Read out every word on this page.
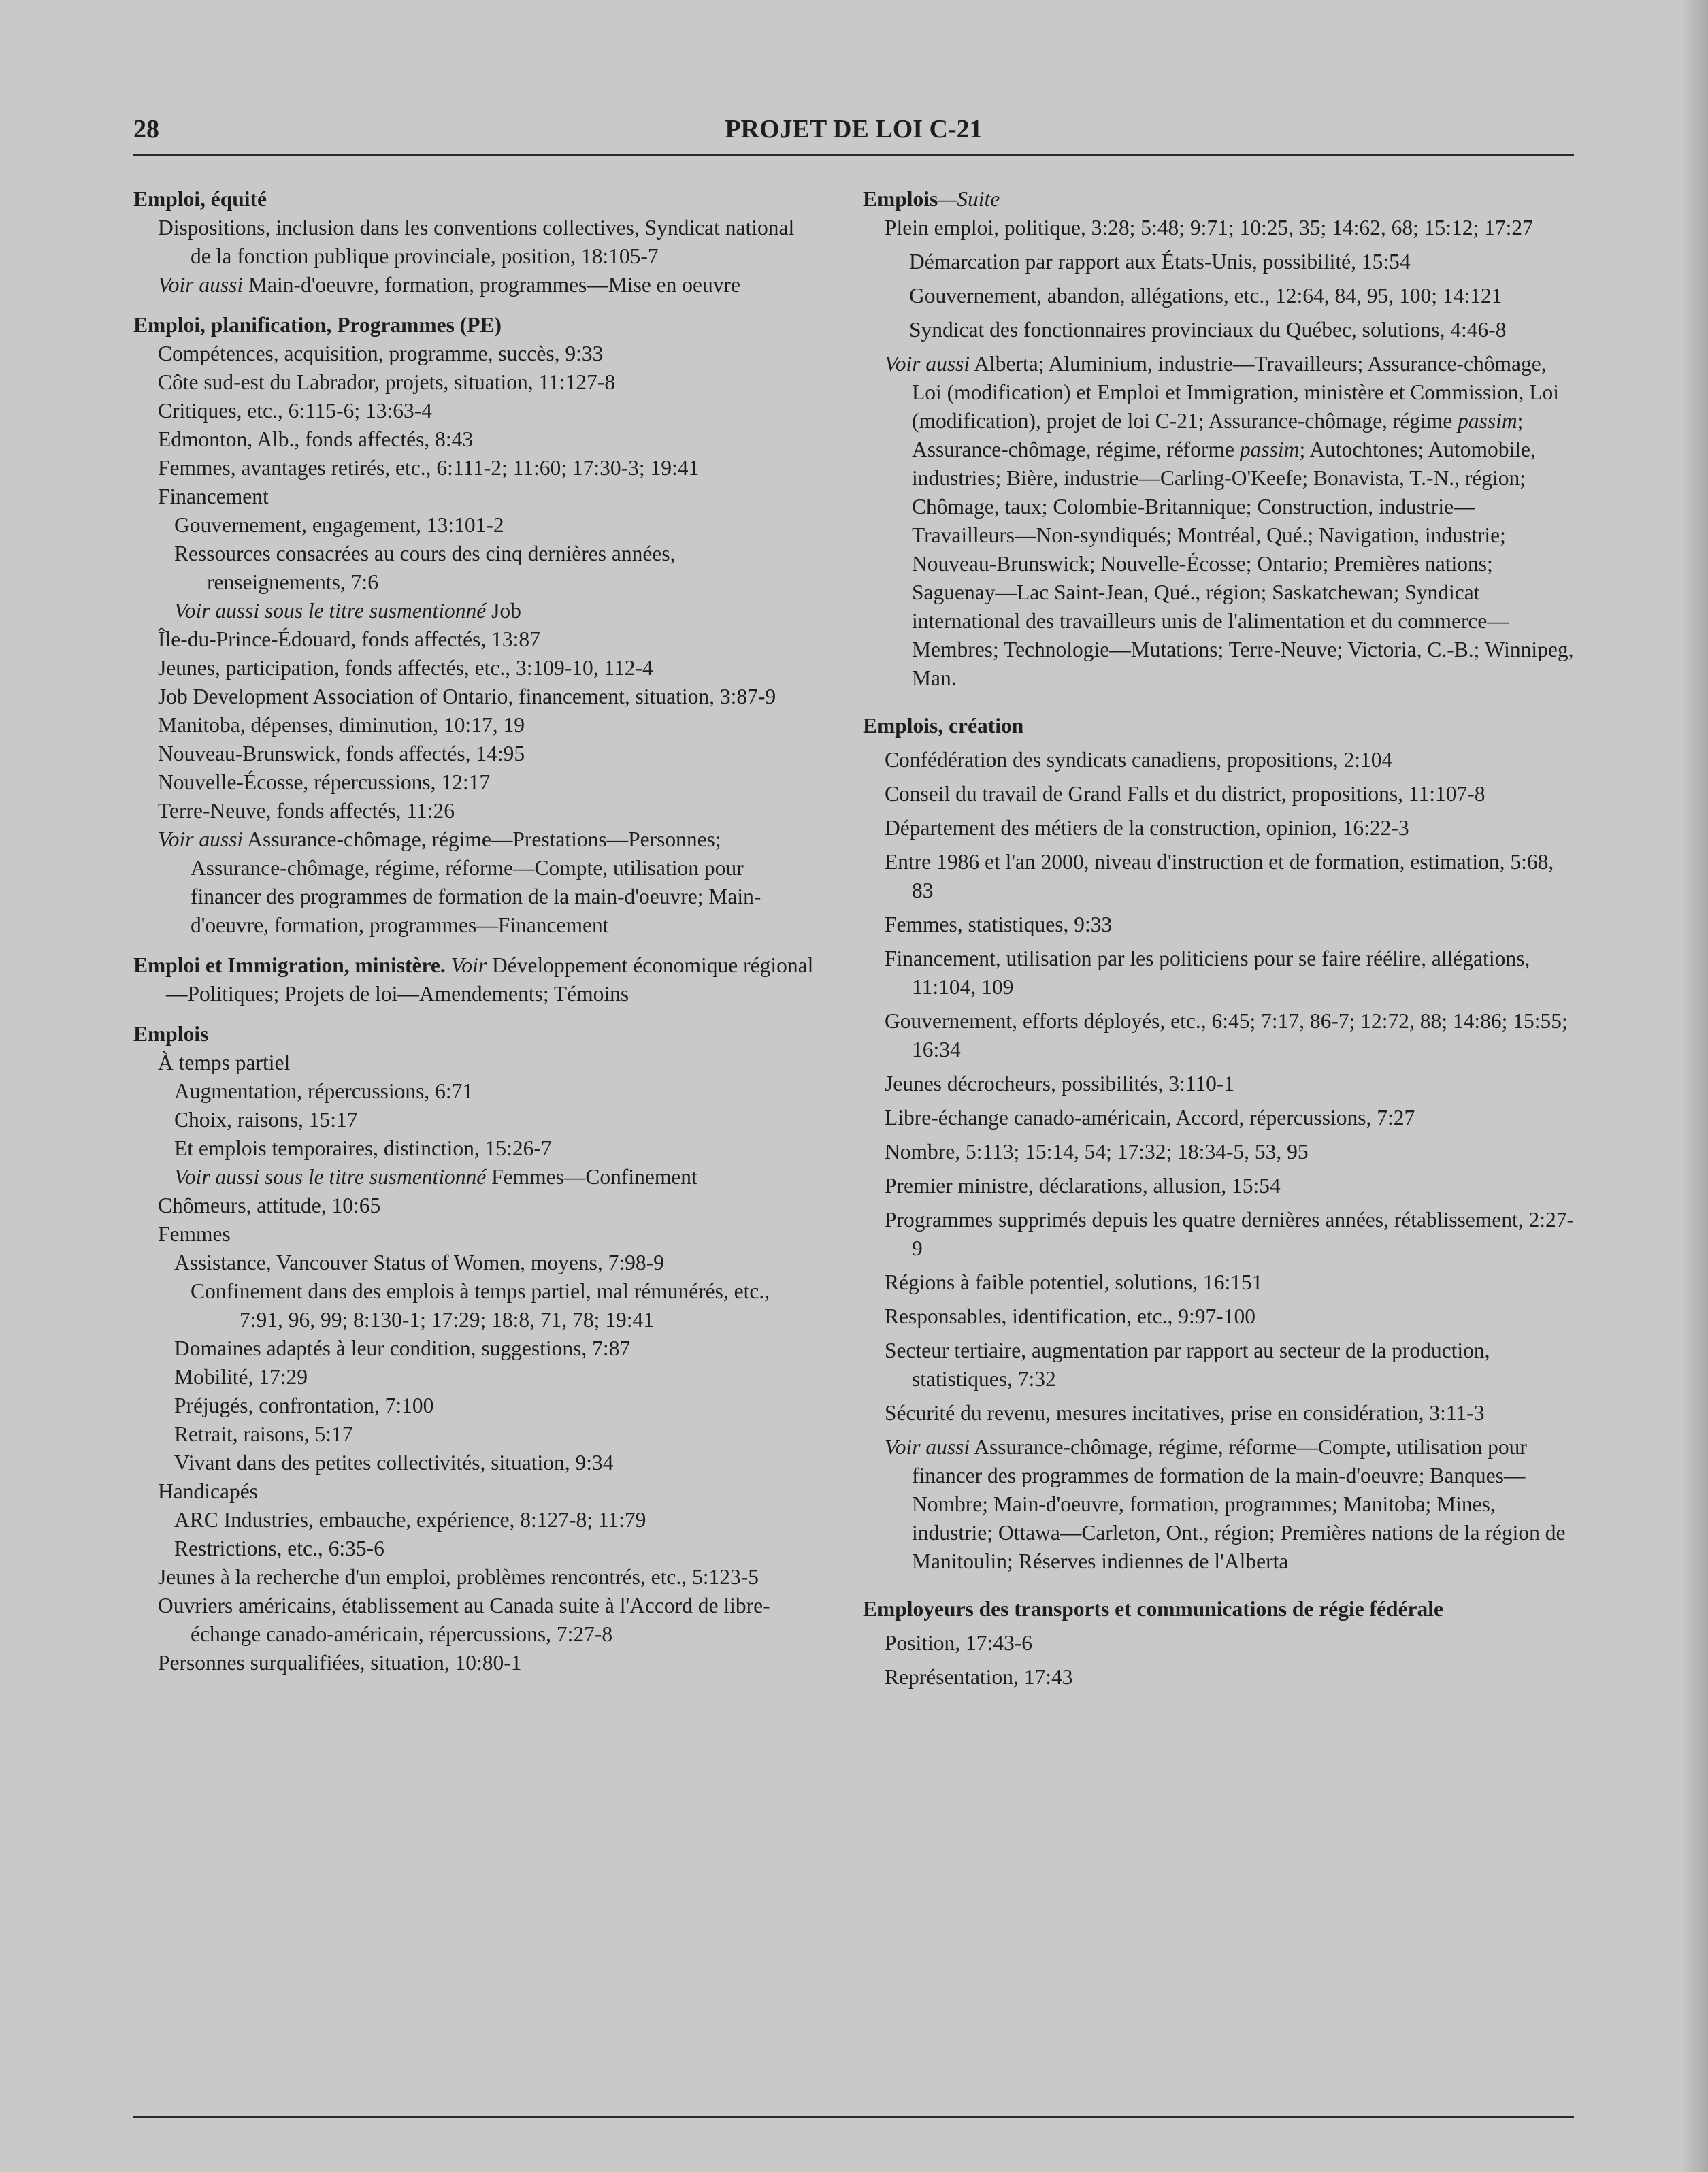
PROJET DE LOI C-21
28
Emploi, équité
Dispositions, inclusion dans les conventions collectives, Syndicat national de la fonction publique provinciale, position, 18:105-7
Voir aussi Main-d'oeuvre, formation, programmes—Mise en oeuvre
Emploi, planification, Programmes (PE)
Compétences, acquisition, programme, succès, 9:33
Côte sud-est du Labrador, projets, situation, 11:127-8
Critiques, etc., 6:115-6; 13:63-4
Edmonton, Alb., fonds affectés, 8:43
Femmes, avantages retirés, etc., 6:111-2; 11:60; 17:30-3; 19:41
Financement
Gouvernement, engagement, 13:101-2
Ressources consacrées au cours des cinq dernières années, renseignements, 7:6
Voir aussi sous le titre susmentionné Job
Île-du-Prince-Édouard, fonds affectés, 13:87
Jeunes, participation, fonds affectés, etc., 3:109-10, 112-4
Job Development Association of Ontario, financement, situation, 3:87-9
Manitoba, dépenses, diminution, 10:17, 19
Nouveau-Brunswick, fonds affectés, 14:95
Nouvelle-Écosse, répercussions, 12:17
Terre-Neuve, fonds affectés, 11:26
Voir aussi Assurance-chômage, régime—Prestations—Personnes; Assurance-chômage, régime, réforme—Compte, utilisation pour financer des programmes de formation de la main-d'oeuvre; Main-d'oeuvre, formation, programmes—Financement
Emploi et Immigration, ministère. Voir Développement économique régional—Politiques; Projets de loi—Amendements; Témoins
Emplois
À temps partiel
Augmentation, répercussions, 6:71
Choix, raisons, 15:17
Et emplois temporaires, distinction, 15:26-7
Voir aussi sous le titre susmentionné Femmes—Confinement
Chômeurs, attitude, 10:65
Femmes
Assistance, Vancouver Status of Women, moyens, 7:98-9
Confinement dans des emplois à temps partiel, mal rémunérés, etc., 7:91, 96, 99; 8:130-1; 17:29; 18:8, 71, 78; 19:41
Domaines adaptés à leur condition, suggestions, 7:87
Mobilité, 17:29
Préjugés, confrontation, 7:100
Retrait, raisons, 5:17
Vivant dans des petites collectivités, situation, 9:34
Handicapés
ARC Industries, embauche, expérience, 8:127-8; 11:79
Restrictions, etc., 6:35-6
Jeunes à la recherche d'un emploi, problèmes rencontrés, etc., 5:123-5
Ouvriers américains, établissement au Canada suite à l'Accord de libre-échange canado-américain, répercussions, 7:27-8
Personnes surqualifiées, situation, 10:80-1
Emplois—Suite
Plein emploi, politique, 3:28; 5:48; 9:71; 10:25, 35; 14:62, 68; 15:12; 17:27
Démarcation par rapport aux États-Unis, possibilité, 15:54
Gouvernement, abandon, allégations, etc., 12:64, 84, 95, 100; 14:121
Syndicat des fonctionnaires provinciaux du Québec, solutions, 4:46-8
Voir aussi Alberta; Aluminium, industrie—Travailleurs; Assurance-chômage, Loi (modification) et Emploi et Immigration, ministère et Commission, Loi (modification), projet de loi C-21; Assurance-chômage, régime passim; Assurance-chômage, régime, réforme passim; Autochtones; Automobile, industries; Bière, industrie—Carling-O'Keefe; Bonavista, T.-N., région; Chômage, taux; Colombie-Britannique; Construction, industrie—Travailleurs—Non-syndiqués; Montréal, Qué.; Navigation, industrie; Nouveau-Brunswick; Nouvelle-Écosse; Ontario; Premières nations; Saguenay—Lac Saint-Jean, Qué., région; Saskatchewan; Syndicat international des travailleurs unis de l'alimentation et du commerce—Membres; Technologie—Mutations; Terre-Neuve; Victoria, C.-B.; Winnipeg, Man.
Emplois, création
Confédération des syndicats canadiens, propositions, 2:104
Conseil du travail de Grand Falls et du district, propositions, 11:107-8
Département des métiers de la construction, opinion, 16:22-3
Entre 1986 et l'an 2000, niveau d'instruction et de formation, estimation, 5:68, 83
Femmes, statistiques, 9:33
Financement, utilisation par les politiciens pour se faire réélire, allégations, 11:104, 109
Gouvernement, efforts déployés, etc., 6:45; 7:17, 86-7; 12:72, 88; 14:86; 15:55; 16:34
Jeunes décrocheurs, possibilités, 3:110-1
Libre-échange canado-américain, Accord, répercussions, 7:27
Nombre, 5:113; 15:14, 54; 17:32; 18:34-5, 53, 95
Premier ministre, déclarations, allusion, 15:54
Programmes supprimés depuis les quatre dernières années, rétablissement, 2:27-9
Régions à faible potentiel, solutions, 16:151
Responsables, identification, etc., 9:97-100
Secteur tertiaire, augmentation par rapport au secteur de la production, statistiques, 7:32
Sécurité du revenu, mesures incitatives, prise en considération, 3:11-3
Voir aussi Assurance-chômage, régime, réforme—Compte, utilisation pour financer des programmes de formation de la main-d'oeuvre; Banques—Nombre; Main-d'oeuvre, formation, programmes; Manitoba; Mines, industrie; Ottawa—Carleton, Ont., région; Premières nations de la région de Manitoulin; Réserves indiennes de l'Alberta
Employeurs des transports et communications de régie fédérale
Position, 17:43-6
Représentation, 17:43
